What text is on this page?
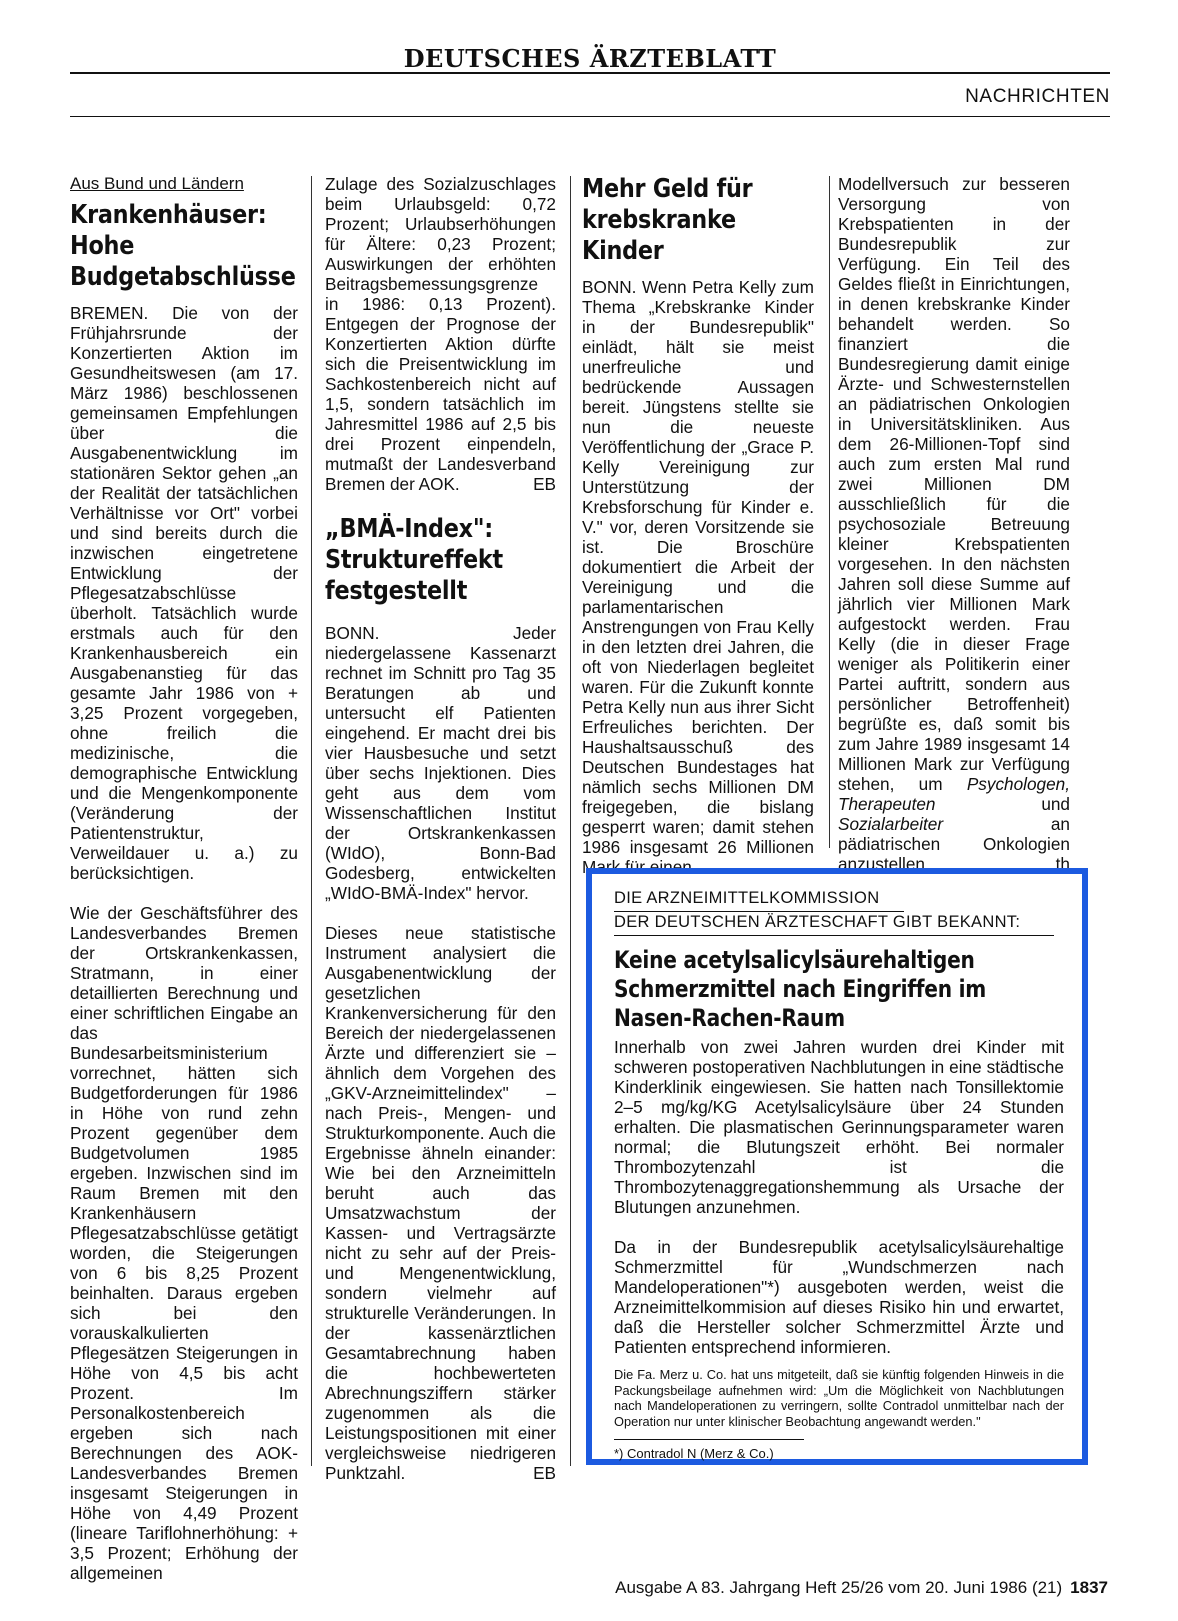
DEUTSCHES ÄRZTEBLATT
NACHRICHTEN
Aus Bund und Ländern
Krankenhäuser: Hohe Budgetabschlüsse

BREMEN. Die von der Frühjahrsrunde der Konzertierten Aktion im Gesundheitswesen (am 17. März 1986) beschlossenen gemeinsamen Empfehlungen über die Ausgabenentwicklung im stationären Sektor gehen „an der Realität der tatsächlichen Verhältnisse vor Ort" vorbei und sind bereits durch die inzwischen eingetretene Entwicklung der Pflegesatzabschlüsse überholt. Tatsächlich wurde erstmals auch für den Krankenhausbereich ein Ausgabenanstieg für das gesamte Jahr 1986 von + 3,25 Prozent vorgegeben, ohne freilich die medizinische, die demographische Entwicklung und die Mengenkomponente (Veränderung der Patientenstruktur, Verweildauer u. a.) zu berücksichtigen.

Wie der Geschäftsführer des Landesverbandes Bremen der Ortskrankenkassen, Stratmann, in einer detaillierten Berechnung und einer schriftlichen Eingabe an das Bundesarbeitsministerium vorrechnet, hätten sich Budgetforderungen für 1986 in Höhe von rund zehn Prozent gegenüber dem Budgetvolumen 1985 ergeben. Inzwischen sind im Raum Bremen mit den Krankenhäusern Pflegesatzabschlüsse getätigt worden, die Steigerungen von 6 bis 8,25 Prozent beinhalten. Daraus ergeben sich bei den vorauskalkulierten Pflegesätzen Steigerungen in Höhe von 4,5 bis acht Prozent. Im Personalkostenbereich ergeben sich nach Berechnungen des AOK-Landesverbandes Bremen insgesamt Steigerungen in Höhe von 4,49 Prozent (lineare Tariflohnerhöhung: + 3,5 Prozent; Erhöhung der allgemeinen

Zulage des Sozialzuschlages beim Urlaubsgeld: 0,72 Prozent; Urlaubserhöhungen für Ältere: 0,23 Prozent; Auswirkungen der erhöhten Beitragsbemessungsgrenze in 1986: 0,13 Prozent). Entgegen der Prognose der Konzertierten Aktion dürfte sich die Preisentwicklung im Sachkostenbereich nicht auf 1,5, sondern tatsächlich im Jahresmittel 1986 auf 2,5 bis drei Prozent einpendeln, mutmaßt der Landesverband Bremen der AOK.	EB

„BMÄ-Index": Struktureffekt festgestellt

BONN. Jeder niedergelassene Kassenarzt rechnet im Schnitt pro Tag 35 Beratungen ab und untersucht elf Patienten eingehend. Er macht drei bis vier Hausbesuche und setzt über sechs Injektionen. Dies geht aus dem vom Wissenschaftlichen Institut der Ortskrankenkassen (WIdO), Bonn-Bad Godesberg, entwickelten „WIdO-BMÄ-Index" hervor.

Dieses neue statistische Instrument analysiert die Ausgabenentwicklung der gesetzlichen Krankenversicherung für den Bereich der niedergelassenen Ärzte und differenziert sie – ähnlich dem Vorgehen des „GKV-Arzneimittelindex" – nach Preis-, Mengen- und Strukturkomponente. Auch die Ergebnisse ähneln einander: Wie bei den Arzneimitteln beruht auch das Umsatzwachstum der Kassen- und Vertragsärzte nicht zu sehr auf der Preis- und Mengenentwicklung, sondern vielmehr auf strukturelle Veränderungen. In der kassenärztlichen Gesamtabrechnung haben die hochbewerteten Abrechnungsziffern stärker zugenommen als die Leistungspositionen mit einer vergleichsweise niedrigeren Punktzahl.	EB

Mehr Geld für krebskranke Kinder

BONN. Wenn Petra Kelly zum Thema „Krebskranke Kinder in der Bundesrepublik" einlädt, hält sie meist unerfreuliche und bedrückende Aussagen bereit. Jüngstens stellte sie nun die neueste Veröffentlichung der „Grace P. Kelly Vereinigung zur Unterstützung der Krebsforschung für Kinder e. V." vor, deren Vorsitzende sie ist. Die Broschüre dokumentiert die Arbeit der Vereinigung und die parlamentarischen Anstrengungen von Frau Kelly in den letzten drei Jahren, die oft von Niederlagen begleitet waren. Für die Zukunft konnte Petra Kelly nun aus ihrer Sicht Erfreuliches berichten. Der Haushaltsausschuß des Deutschen Bundestages hat nämlich sechs Millionen DM freigegeben, die bislang gesperrt waren; damit stehen 1986 insgesamt 26 Millionen Mark für einen

Modellversuch zur besseren Versorgung von Krebspatienten in der Bundesrepublik zur Verfügung. Ein Teil des Geldes fließt in Einrichtungen, in denen krebskranke Kinder behandelt werden. So finanziert die Bundesregierung damit einige Ärzte- und Schwesternstellen an pädiatrischen Onkologien in Universitätskliniken. Aus dem 26-Millionen-Topf sind auch zum ersten Mal rund zwei Millionen DM ausschließlich für die psychosoziale Betreuung kleiner Krebspatienten vorgesehen. In den nächsten Jahren soll diese Summe auf jährlich vier Millionen Mark aufgestockt werden. Frau Kelly (die in dieser Frage weniger als Politikerin einer Partei auftritt, sondern aus persönlicher Betroffenheit) begrüßte es, daß somit bis zum Jahre 1989 insgesamt 14 Millionen Mark zur Verfügung stehen, um Psychologen, Therapeuten	und Sozialarbeiter	an pädiatrischen Onkologien anzustellen.	th

DIE ARZNEIMITTELKOMMISSION
DER DEUTSCHEN ÄRZTESCHAFT GIBT BEKANNT:
Keine acetylsalicylsäurehaltigen Schmerzmittel nach Eingriffen im Nasen-Rachen-Raum

Innerhalb von zwei Jahren wurden drei Kinder mit schweren postoperativen Nachblutungen in eine städtische Kinderklinik eingewiesen. Sie hatten nach Tonsillektomie 2–5 mg/kg/KG Acetylsalicylsäure über 24 Stunden erhalten. Die plasmatischen Gerinnungsparameter waren normal; die Blutungszeit erhöht. Bei normaler Thrombozytenzahl ist die Thrombozytenaggregationshemmung als Ursache der Blutungen anzunehmen.

Da in der Bundesrepublik acetylsalicylsäurehaltige Schmerzmittel für „Wundschmerzen nach Mandeloperationen"*) ausgeboten werden, weist die Arzneimittelkommision auf dieses Risiko hin und erwartet, daß die Hersteller solcher Schmerzmittel Ärzte und Patienten entsprechend informieren.

Die Fa. Merz u. Co. hat uns mitgeteilt, daß sie künftig folgenden Hinweis in die Packungsbeilage aufnehmen wird: „Um die Möglichkeit von Nachblutungen nach Mandeloperationen zu verringern, sollte Contradol unmittelbar nach der Operation nur unter klinischer Beobachtung angewandt werden."

*) Contradol N (Merz & Co.)
Ausgabe A 83. Jahrgang Heft 25/26 vom 20. Juni 1986 (21) 1837
